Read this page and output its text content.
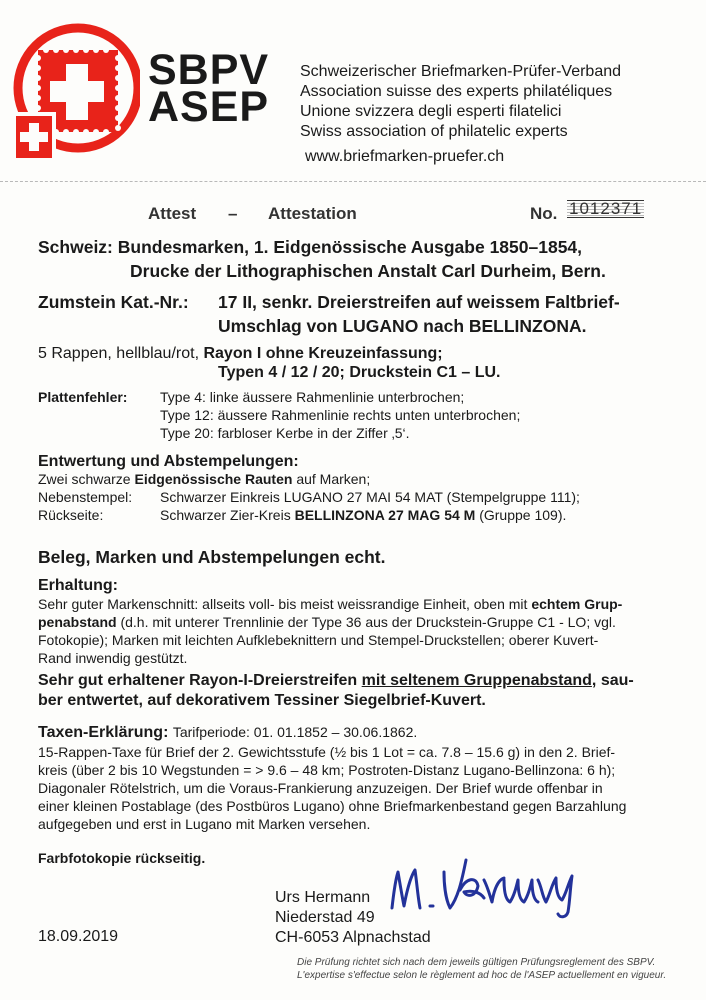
SBPV
ASEP
Schweizerischer Briefmarken-Prüfer-Verband
Association suisse des experts philatéliques
Unione svizzera degli esperti filatelici
Swiss association of philatelic experts
www.briefmarken-pruefer.ch
Attest – Attestation	No. 1012371
Schweiz: Bundesmarken, 1. Eidgenössische Ausgabe 1850–1854,
Drucke der Lithographischen Anstalt Carl Durheim, Bern.
Zumstein Kat.-Nr.: 17 II, senkr. Dreierstreifen auf weissem Faltbrief-
Umschlag von LUGANO nach BELLINZONA.
5 Rappen, hellblau/rot, Rayon I ohne Kreuzeinfassung;
Typen 4 / 12 / 20; Druckstein C1 – LU.
Plattenfehler: Type 4: linke äussere Rahmenlinie unterbrochen;
Type 12: äussere Rahmenlinie rechts unten unterbrochen;
Type 20: farbloser Kerbe in der Ziffer ‚5‘.
Entwertung und Abstempelungen:
Zwei schwarze Eidgenössische Rauten auf Marken;
Nebenstempel: Schwarzer Einkreis LUGANO 27 MAI 54 MAT (Stempelgruppe 111);
Rückseite:	Schwarzer Zier-Kreis BELLINZONA 27 MAG 54 M (Gruppe 109).
Beleg, Marken und Abstempelungen echt.
Erhaltung:
Sehr guter Markenschnitt: allseits voll- bis meist weissrandige Einheit, oben mit echtem Grup-
penabstand (d.h. mit unterer Trennlinie der Type 36 aus der Druckstein-Gruppe C1 - LO; vgl.
Fotokopie); Marken mit leichten Aufklebeknittern und Stempel-Druckstellen; oberer Kuvert-
Rand inwendig gestützt.
Sehr gut erhaltener Rayon-I-Dreierstreifen mit seltenem Gruppenabstand, sau-
ber entwertet, auf dekorativem Tessiner Siegelbrief-Kuvert.
Taxen-Erklärung: Tarifperiode: 01. 01.1852 – 30.06.1862.
15-Rappen-Taxe für Brief der 2. Gewichtsstufe (½ bis 1 Lot = ca. 7.8 – 15.6 g) in den 2. Brief-
kreis (über 2 bis 10 Wegstunden = > 9.6 – 48 km; Postroten-Distanz Lugano-Bellinzona: 6 h);
Diagonaler Rötelstrich, um die Voraus-Frankierung anzuzeigen. Der Brief wurde offenbar in
einer kleinen Postablage (des Postbüros Lugano) ohne Briefmarkenbestand gegen Barzahlung
aufgegeben und erst in Lugano mit Marken versehen.
Farbfotokopie rückseitig.
Urs Hermann
Niederstad 49
CH-6053 Alpnachstad
18.09.2019
Die Prüfung richtet sich nach dem jeweils gültigen Prüfungsreglement des SBPV.
L'expertise s'effectue selon le règlement ad hoc de l'ASEP actuellement en vigueur.
